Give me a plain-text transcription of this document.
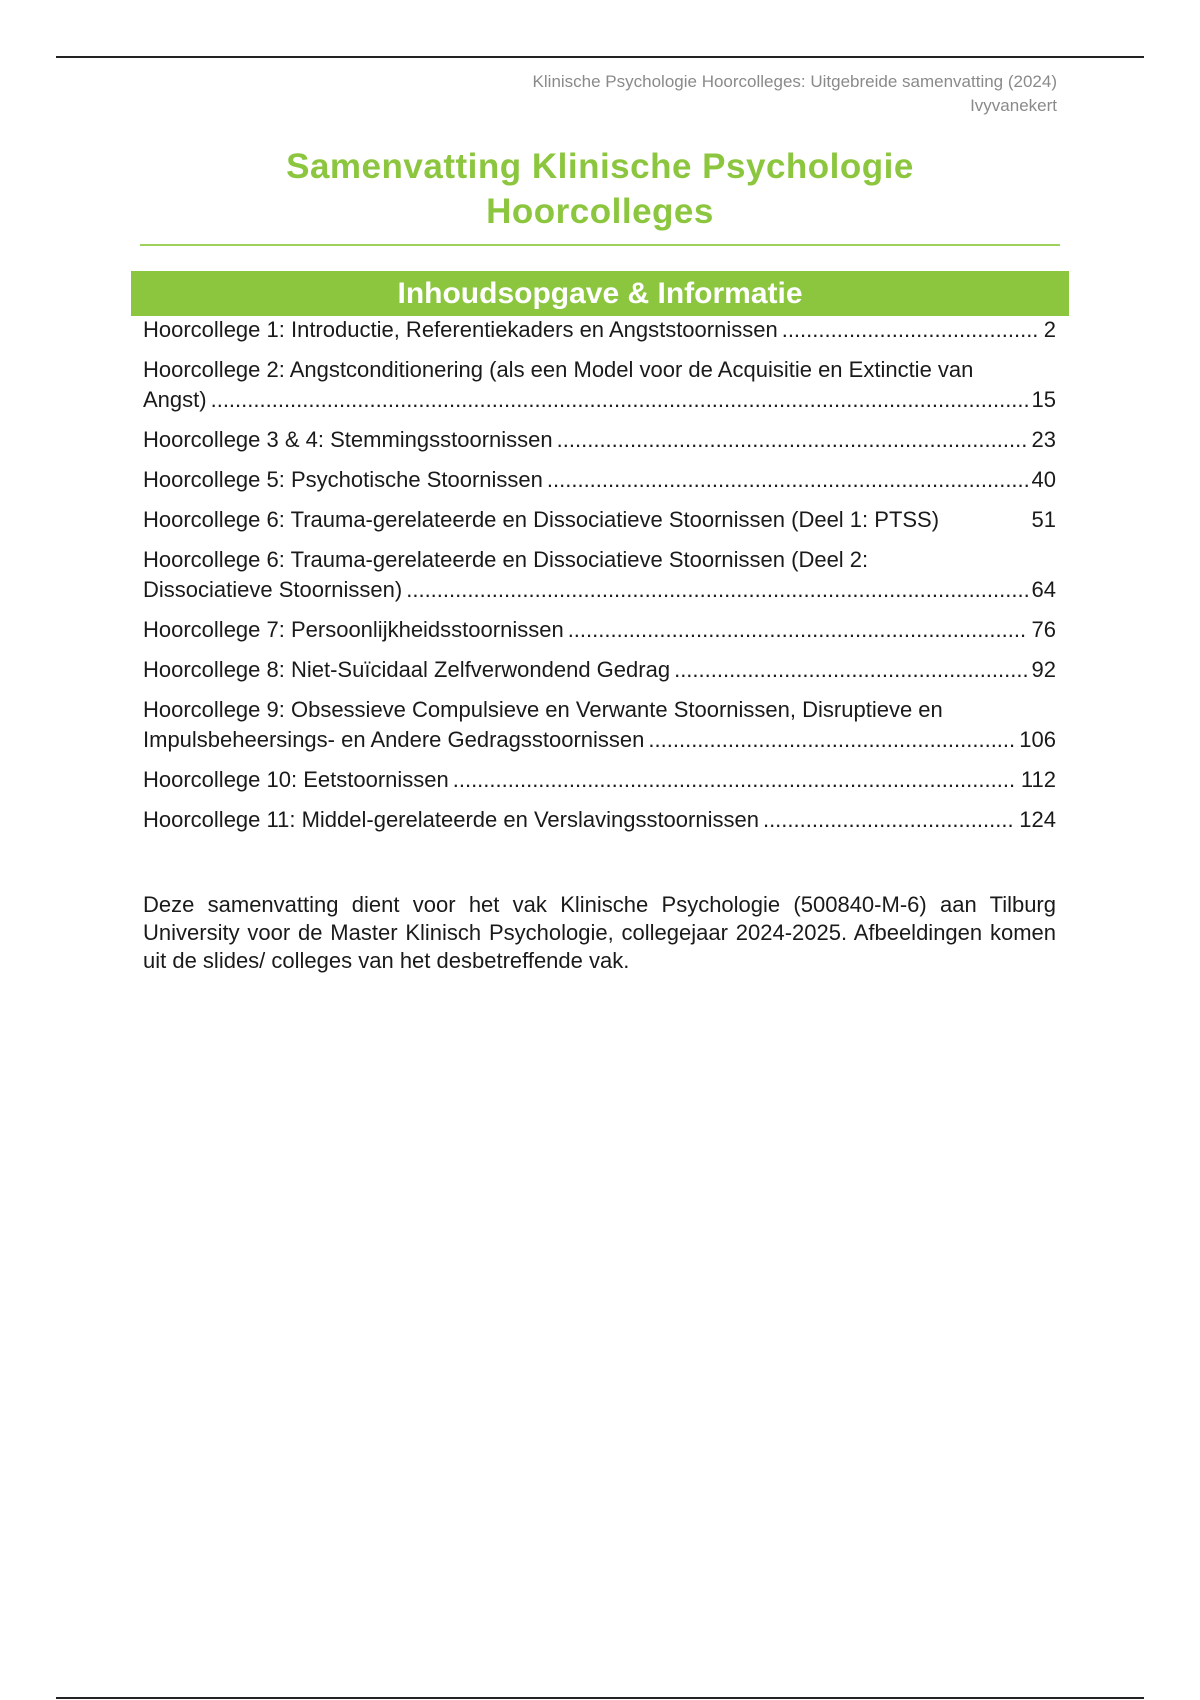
Klinische Psychologie Hoorcolleges: Uitgebreide samenvatting (2024)
Ivyvanekert
Samenvatting Klinische Psychologie
Hoorcolleges
Inhoudsopgave & Informatie
Hoorcollege 1: Introductie, Referentiekaders en Angststoornissen .....	2
Hoorcollege 2: Angstconditionering (als een Model voor de Acquisitie en Extinctie van
Angst) .....	15
Hoorcollege 3 & 4: Stemmingsstoornissen .....	23
Hoorcollege 5: Psychotische Stoornissen .....	40
Hoorcollege 6: Trauma-gerelateerde en Dissociatieve Stoornissen (Deel 1: PTSS)	51
Hoorcollege 6: Trauma-gerelateerde en Dissociatieve Stoornissen (Deel 2:
Dissociatieve Stoornissen) .....	64
Hoorcollege 7: Persoonlijkheidsstoornissen .....	76
Hoorcollege 8: Niet-Suïcidaal Zelfverwondend Gedrag .....	92
Hoorcollege 9: Obsessieve Compulsieve en Verwante Stoornissen, Disruptieve en
Impulsbeheersings- en Andere Gedragsstoornissen .....	106
Hoorcollege 10: Eetstoornissen .....	112
Hoorcollege 11: Middel-gerelateerde en Verslavingsstoornissen .....	124
Deze samenvatting dient voor het vak Klinische Psychologie (500840-M-6) aan Tilburg University voor de Master Klinisch Psychologie, collegejaar 2024-2025. Afbeeldingen komen uit de slides/ colleges van het desbetreffende vak.
